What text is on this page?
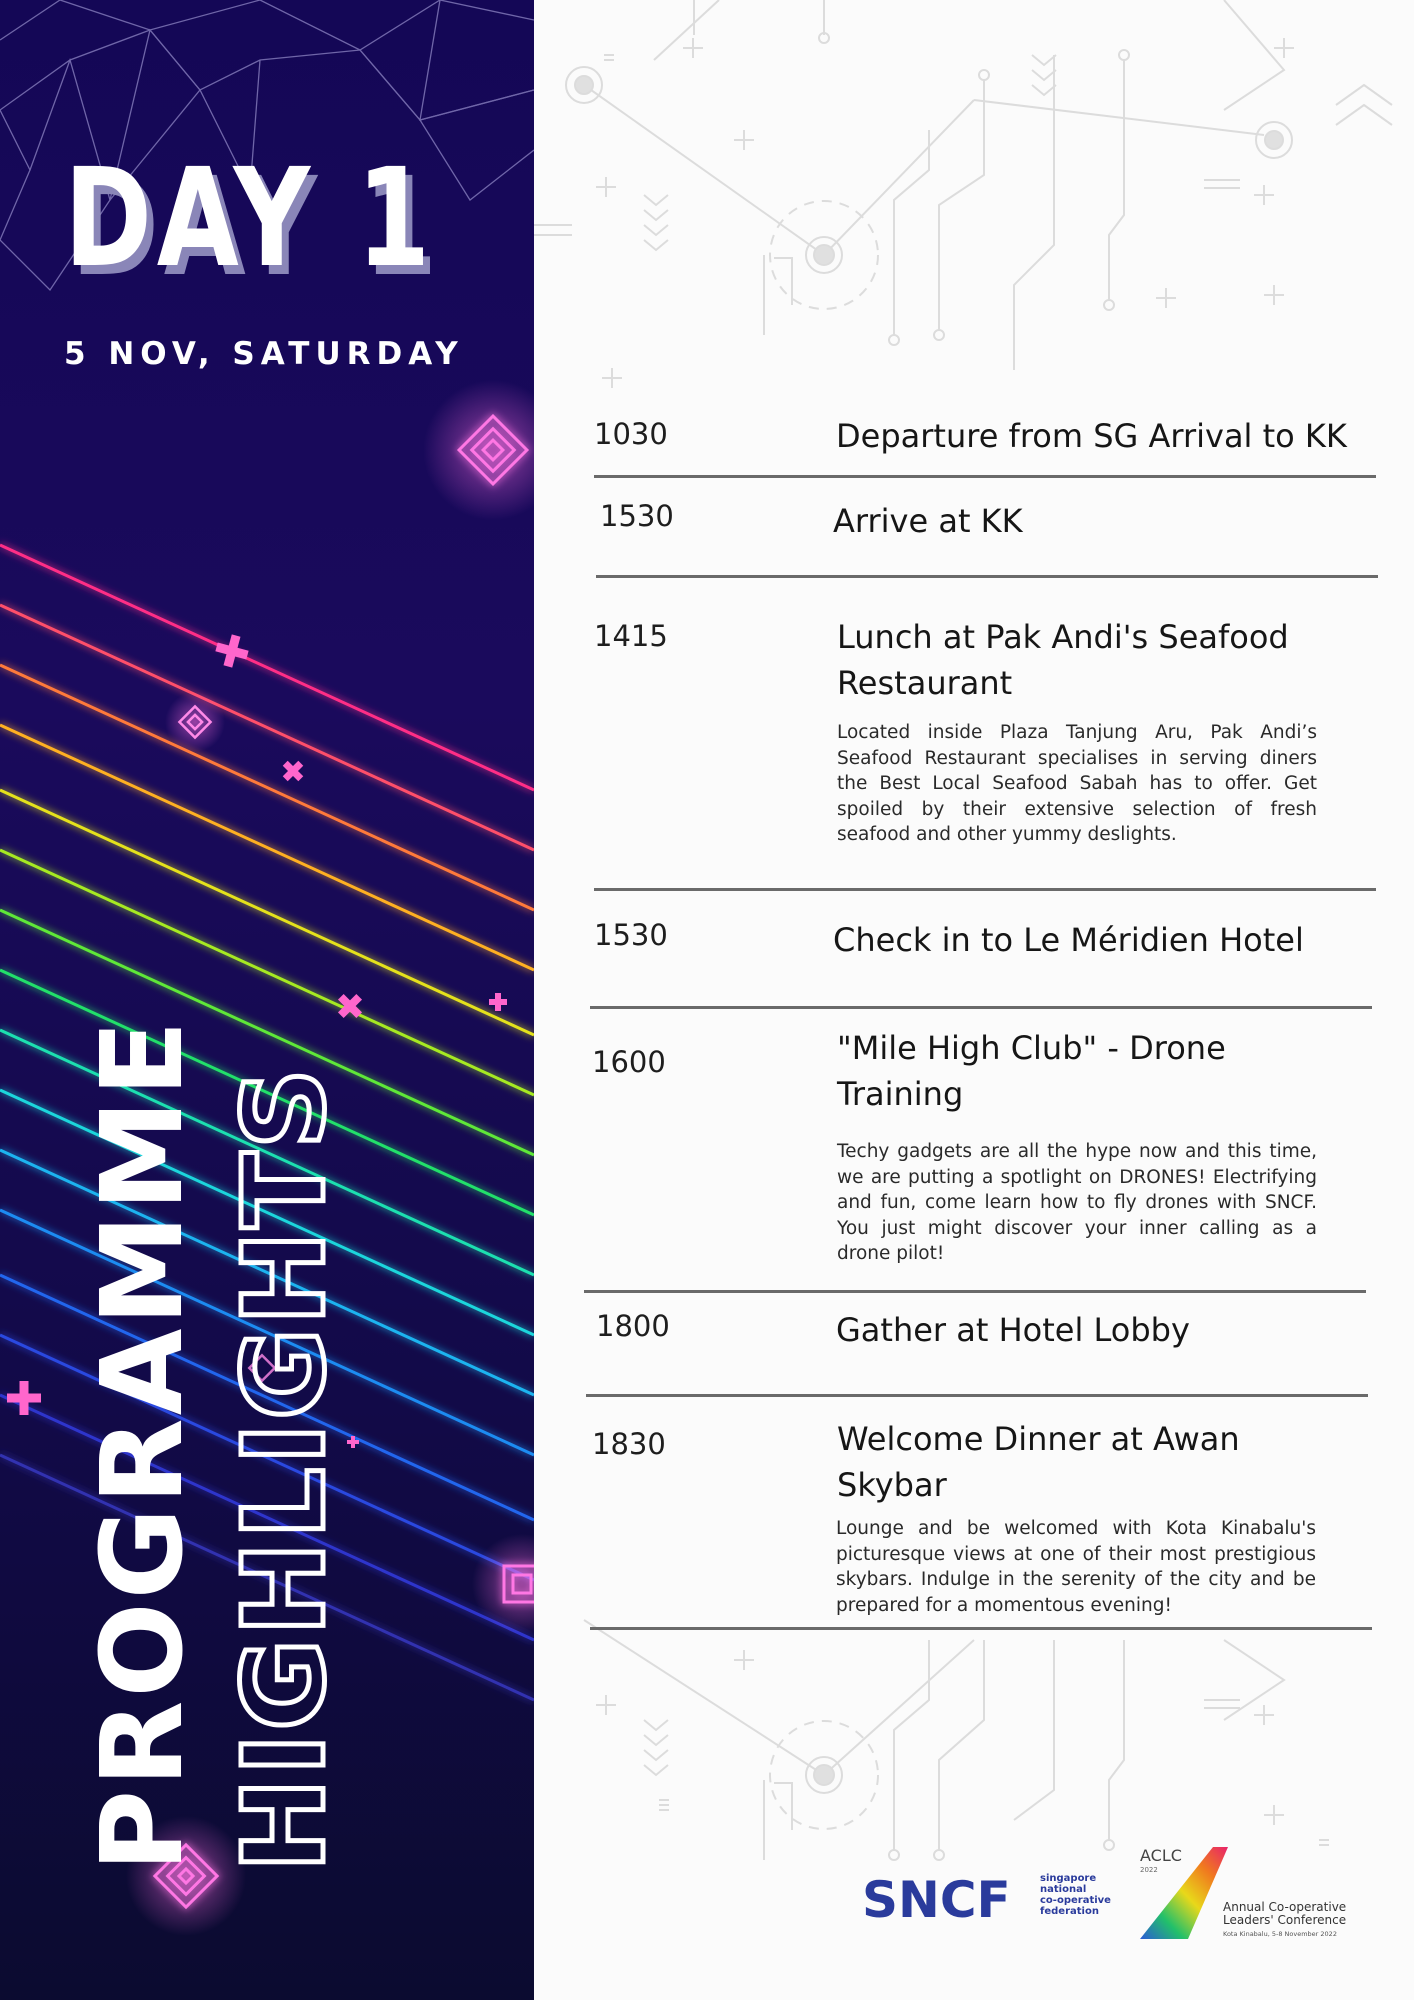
DAY 1

5 NOV, SATURDAY

PROGRAMME HIGHLIGHTS
1030	Departure from SG Arrival to KK
1530	Arrive at KK
1415	Lunch at Pak Andi's Seafood Restaurant
Located inside Plaza Tanjung Aru, Pak Andi’s Seafood Restaurant specialises in serving diners the Best Local Seafood Sabah has to offer. Get spoiled by their extensive selection of fresh seafood and other yummy deslights.
1530	Check in to Le Méridien Hotel
1600	"Mile High Club" - Drone Training
Techy gadgets are all the hype now and this time, we are putting a spotlight on DRONES! Electrifying and fun, come learn how to fly drones with SNCF. You just might discover your inner calling as a drone pilot!
1800	Gather at Hotel Lobby
1830	Welcome Dinner at Awan Skybar
Lounge and be welcomed with Kota Kinabalu's picturesque views at one of their most prestigious skybars. Indulge in the serenity of the city and be prepared for a momentous evening!
SNCF	singapore
national
co-operative
federation
ACLC
2022
Annual Co-operative
Leaders' Conference
Kota Kinabalu, 5-8 November 2022
